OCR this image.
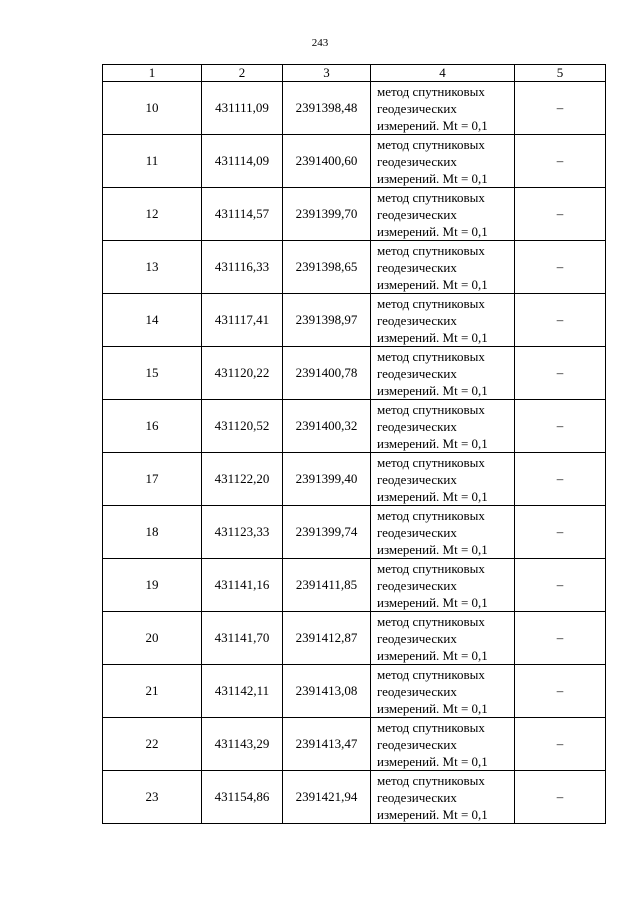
243
1	2	3	4	5
10	431111,09	2391398,48	метод спутниковых
геодезических
измерений. Mt = 0,1	–
11	431114,09	2391400,60	метод спутниковых
геодезических
измерений. Mt = 0,1	–
12	431114,57	2391399,70	метод спутниковых
геодезических
измерений. Mt = 0,1	–
13	431116,33	2391398,65	метод спутниковых
геодезических
измерений. Mt = 0,1	–
14	431117,41	2391398,97	метод спутниковых
геодезических
измерений. Mt = 0,1	–
15	431120,22	2391400,78	метод спутниковых
геодезических
измерений. Mt = 0,1	–
16	431120,52	2391400,32	метод спутниковых
геодезических
измерений. Mt = 0,1	–
17	431122,20	2391399,40	метод спутниковых
геодезических
измерений. Mt = 0,1	–
18	431123,33	2391399,74	метод спутниковых
геодезических
измерений. Mt = 0,1	–
19	431141,16	2391411,85	метод спутниковых
геодезических
измерений. Mt = 0,1	–
20	431141,70	2391412,87	метод спутниковых
геодезических
измерений. Mt = 0,1	–
21	431142,11	2391413,08	метод спутниковых
геодезических
измерений. Mt = 0,1	–
22	431143,29	2391413,47	метод спутниковых
геодезических
измерений. Mt = 0,1	–
23	431154,86	2391421,94	метод спутниковых
геодезических
измерений. Mt = 0,1	–
